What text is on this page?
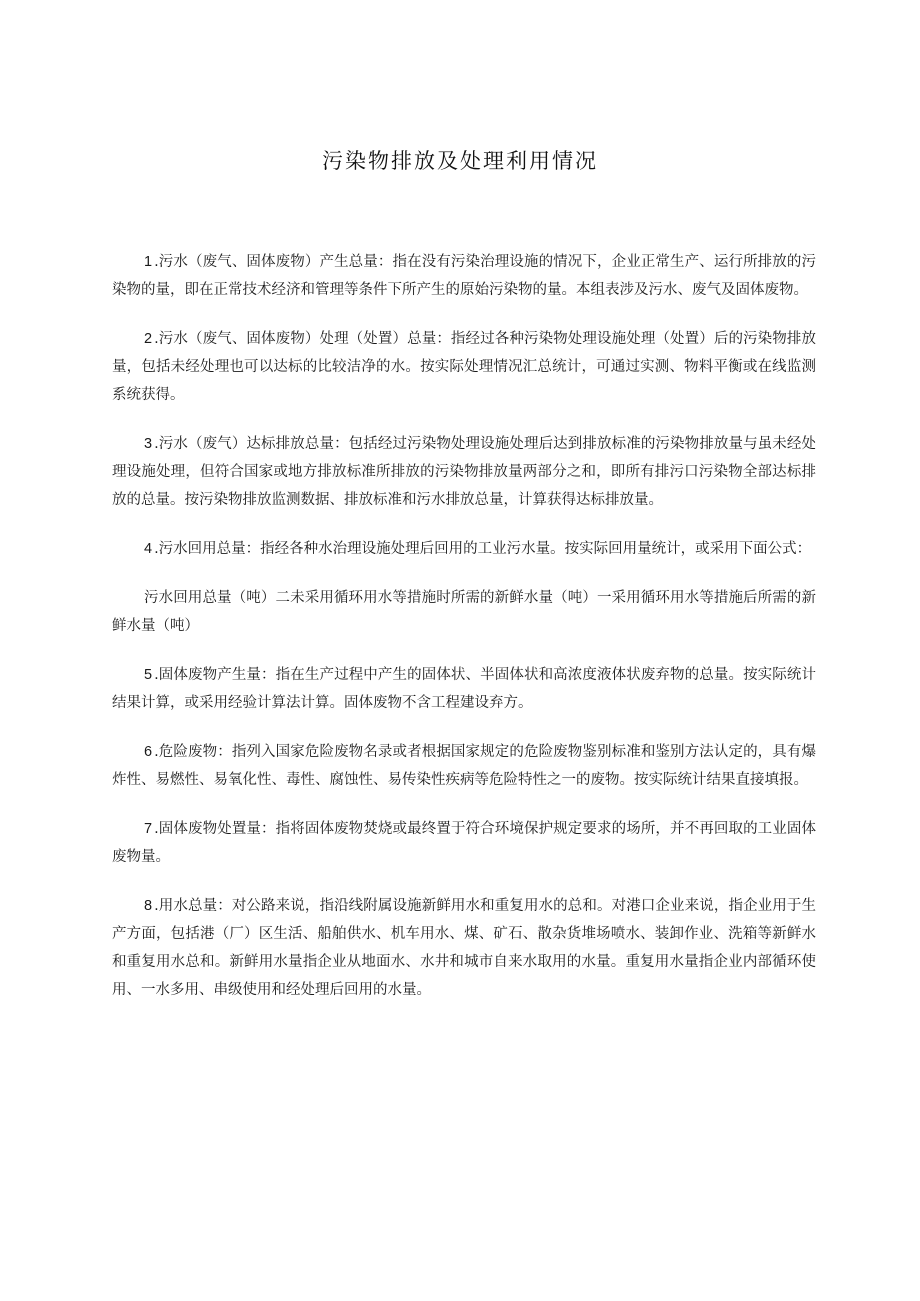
污染物排放及处理利用情况

1 .污水（废气、固体废物）产生总量：指在没有污染治理设施的情况下，企业正常生产、运行所排放的污染物的量，即在正常技术经济和管理等条件下所产生的原始污染物的量。本组表涉及污水、废气及固体废物。

2 .污水（废气、固体废物）处理（处置）总量：指经过各种污染物处理设施处理（处置）后的污染物排放量，包括未经处理也可以达标的比较洁净的水。按实际处理情况汇总统计，可通过实测、物料平衡或在线监测系统获得。

3 .污水（废气）达标排放总量：包括经过污染物处理设施处理后达到排放标准的污染物排放量与虽未经处理设施处理，但符合国家或地方排放标准所排放的污染物排放量两部分之和，即所有排污口污染物全部达标排放的总量。按污染物排放监测数据、排放标准和污水排放总量，计算获得达标排放量。

4 .污水回用总量：指经各种水治理设施处理后回用的工业污水量。按实际回用量统计，或采用下面公式：

污水回用总量（吨）二未采用循环用水等措施时所需的新鲜水量（吨）一采用循环用水等措施后所需的新鲜水量（吨）

5 .固体废物产生量：指在生产过程中产生的固体状、半固体状和高浓度液体状废弃物的总量。按实际统计结果计算，或采用经验计算法计算。固体废物不含工程建设弃方。

6 .危险废物：指列入国家危险废物名录或者根据国家规定的危险废物鉴别标准和鉴别方法认定的，具有爆炸性、易燃性、易氧化性、毒性、腐蚀性、易传染性疾病等危险特性之一的废物。按实际统计结果直接填报。

7 .固体废物处置量：指将固体废物焚烧或最终置于符合环境保护规定要求的场所，并不再回取的工业固体废物量。

8 .用水总量：对公路来说，指沿线附属设施新鲜用水和重复用水的总和。对港口企业来说，指企业用于生产方面，包括港（厂）区生活、船舶供水、机车用水、煤、矿石、散杂货堆场喷水、装卸作业、洗箱等新鲜水和重复用水总和。新鲜用水量指企业从地面水、水井和城市自来水取用的水量。重复用水量指企业内部循环使用、一水多用、串级使用和经处理后回用的水量。
